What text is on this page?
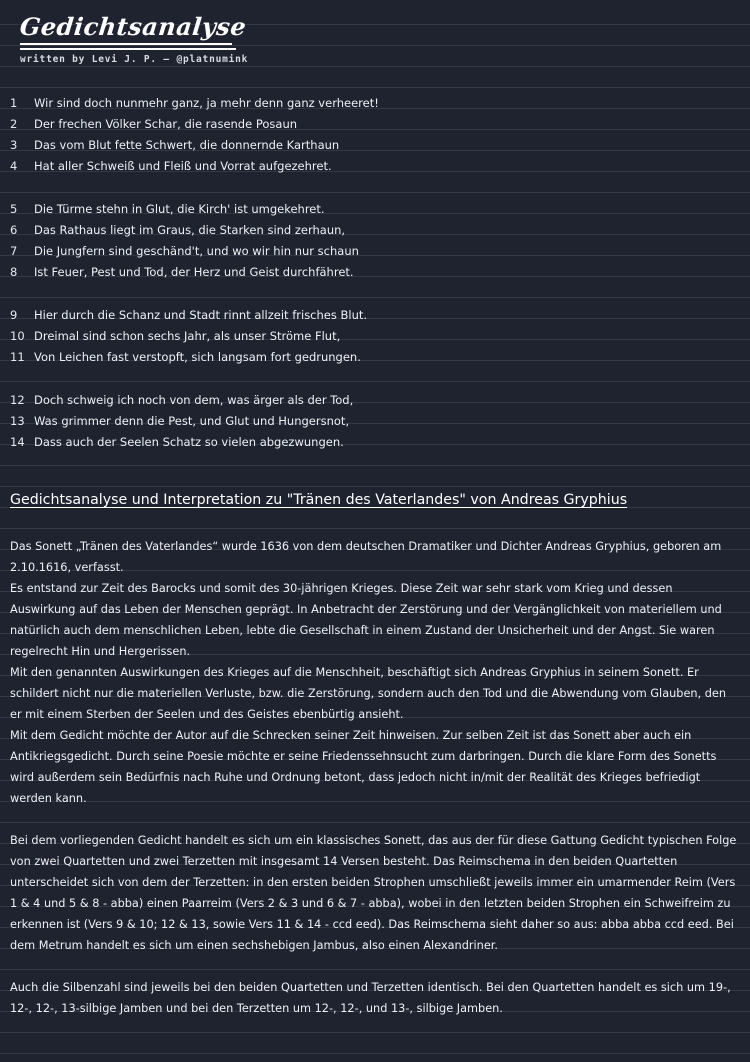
Gedichtsanalyse
written by Levi J. P. — @platnumink
1	Wir sind doch nunmehr ganz, ja mehr denn ganz verheeret!
2	Der frechen Völker Schar, die rasende Posaun
3	Das vom Blut fette Schwert, die donnernde Karthaun
4	Hat aller Schweiß und Fleiß und Vorrat aufgezehret.
5	Die Türme stehn in Glut, die Kirch' ist umgekehret.
6	Das Rathaus liegt im Graus, die Starken sind zerhaun,
7	Die Jungfern sind geschänd't, und wo wir hin nur schaun
8	Ist Feuer, Pest und Tod, der Herz und Geist durchfähret.
9	Hier durch die Schanz und Stadt rinnt allzeit frisches Blut.
10 Dreimal sind schon sechs Jahr, als unser Ströme Flut,
11 Von Leichen fast verstopft, sich langsam fort gedrungen.
12 Doch schweig ich noch von dem, was ärger als der Tod,
13 Was grimmer denn die Pest, und Glut und Hungersnot,
14 Dass auch der Seelen Schatz so vielen abgezwungen.
Gedichtsanalyse und Interpretation zu "Tränen des Vaterlandes" von Andreas Gryphius

Das Sonett „Tränen des Vaterlandes“ wurde 1636 von dem deutschen Dramatiker und Dichter Andreas Gryphius, geboren am 2.10.1616, verfasst.
Es entstand zur Zeit des Barocks und somit des 30-jährigen Krieges. Diese Zeit war sehr stark vom Krieg und dessen Auswirkung auf das Leben der Menschen geprägt. In Anbetracht der Zerstörung und der Vergänglichkeit von materiellem und natürlich auch dem menschlichen Leben, lebte die Gesellschaft in einem Zustand der Unsicherheit und der Angst. Sie waren regelrecht Hin und Hergerissen.
Mit den genannten Auswirkungen des Krieges auf die Menschheit, beschäftigt sich Andreas Gryphius in seinem Sonett. Er schildert nicht nur die materiellen Verluste, bzw. die Zerstörung, sondern auch den Tod und die Abwendung vom Glauben, den er mit einem Sterben der Seelen und des Geistes ebenbürtig ansieht.
Mit dem Gedicht möchte der Autor auf die Schrecken seiner Zeit hinweisen. Zur selben Zeit ist das Sonett aber auch ein Antikriegsgedicht. Durch seine Poesie möchte er seine Friedenssehnsucht zum darbringen. Durch die klare Form des Sonetts wird außerdem sein Bedürfnis nach Ruhe und Ordnung betont, dass jedoch nicht in/mit der Realität des Krieges befriedigt werden kann.

Bei dem vorliegenden Gedicht handelt es sich um ein klassisches Sonett, das aus der für diese Gattung Gedicht typischen Folge von zwei Quartetten und zwei Terzetten mit insgesamt 14 Versen besteht. Das Reimschema in den beiden Quartetten unterscheidet sich von dem der Terzetten: in den ersten beiden Strophen umschließt jeweils immer ein umarmender Reim (Vers 1 & 4 und 5 & 8 - abba) einen Paarreim (Vers 2 & 3 und 6 & 7 - abba), wobei in den letzten beiden Strophen ein Schweifreim zu erkennen ist (Vers 9 & 10; 12 & 13, sowie Vers 11 & 14 - ccd eed). Das Reimschema sieht daher so aus: abba abba ccd eed. Bei dem Metrum handelt es sich um einen sechshebigen Jambus, also einen Alexandriner.

Auch die Silbenzahl sind jeweils bei den beiden Quartetten und Terzetten identisch. Bei den Quartetten handelt es sich um 19-, 12-, 12-, 13-silbige Jamben und bei den Terzetten um 12-, 12-, und 13-, silbige Jamben.
